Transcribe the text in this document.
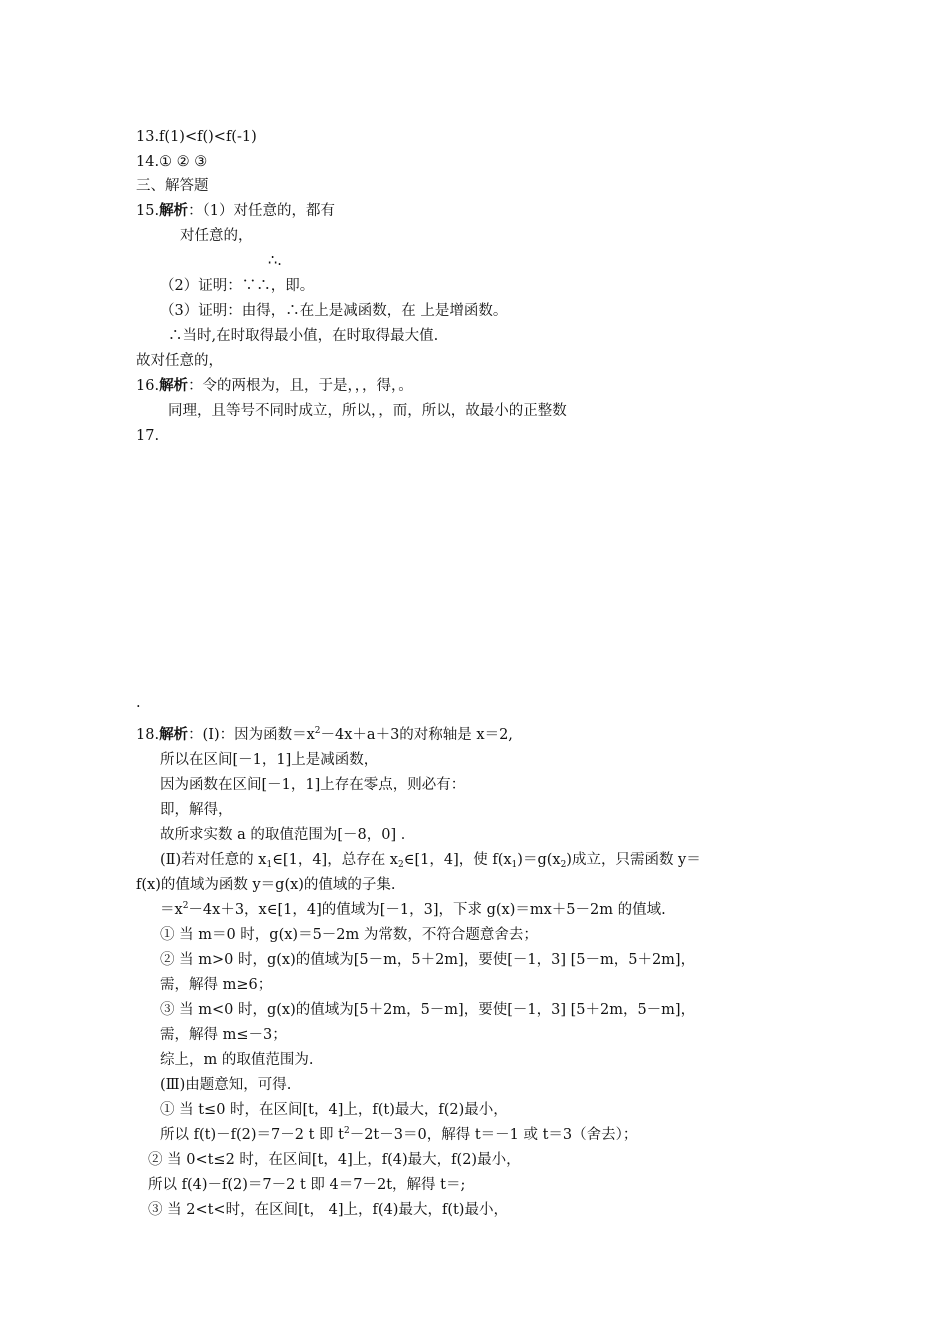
13.f(1)<f()<f(-1)
14.① ② ③
三、解答题
15.解析：（1）对任意的，都有
对任意的，
∴.
（2）证明：∵∴，即。
（3）证明：由得，∴在上是减函数，在 上是增函数。
∴当时,在时取得最小值，在时取得最大值.
故对任意的，
16.解析：令的两根为，且，于是，，，得，。
同理，且等号不同时成立，所以，，而，所以，故最小的正整数
17.
.
18.解析：(Ⅰ)：因为函数$=x^2-4x+a+3$的对称轴是 x＝2,
所以在区间[－1，1]上是减函数，
因为函数在区间[－1，1]上存在零点，则必有：
即，解得，
故所求实数 a 的取值范围为[－8，0] ．
(Ⅱ)若对任意的 $x_1\in[1$，4]，总存在 $x_2\in[1$，4]，使 $f(x_1)=g(x_2)$成立，只需函数 y＝
f(x)的值域为函数 y＝g(x)的值域的子集.
$=x^2-4x+3$，x∈[1，4]的值域为[－1，3]，下求 g(x)＝mx＋5－2m 的值域.
① 当 m＝0 时，g(x)＝5－2m 为常数，不符合题意舍去；
② 当 m>0 时，g(x)的值域为[5－m，5＋2m]，要使[－1，3] [5－m，5＋2m]，
需，解得 m≥6；
③ 当 m<0 时，g(x)的值域为[5＋2m，5－m]，要使[－1，3] [5＋2m，5－m]，
需，解得 m≤－3；
综上，m 的取值范围为.
(Ⅲ)由题意知，可得.
① 当 t≤0 时，在区间[t，4]上，f(t)最大，f(2)最小，
所以 f(t)－f(2)＝7－2 t 即 $t^2-2t-3=0$，解得 t＝－1 或 t＝3（舍去）；
② 当 0<t≤2 时，在区间[t，4]上，f(4)最大，f(2)最小，
所以 f(4)－f(2)＝7－2 t 即 4＝7－2t，解得 t＝;
③ 当 2<t<时，在区间[t， 4]上，f(4)最大，f(t)最小，
